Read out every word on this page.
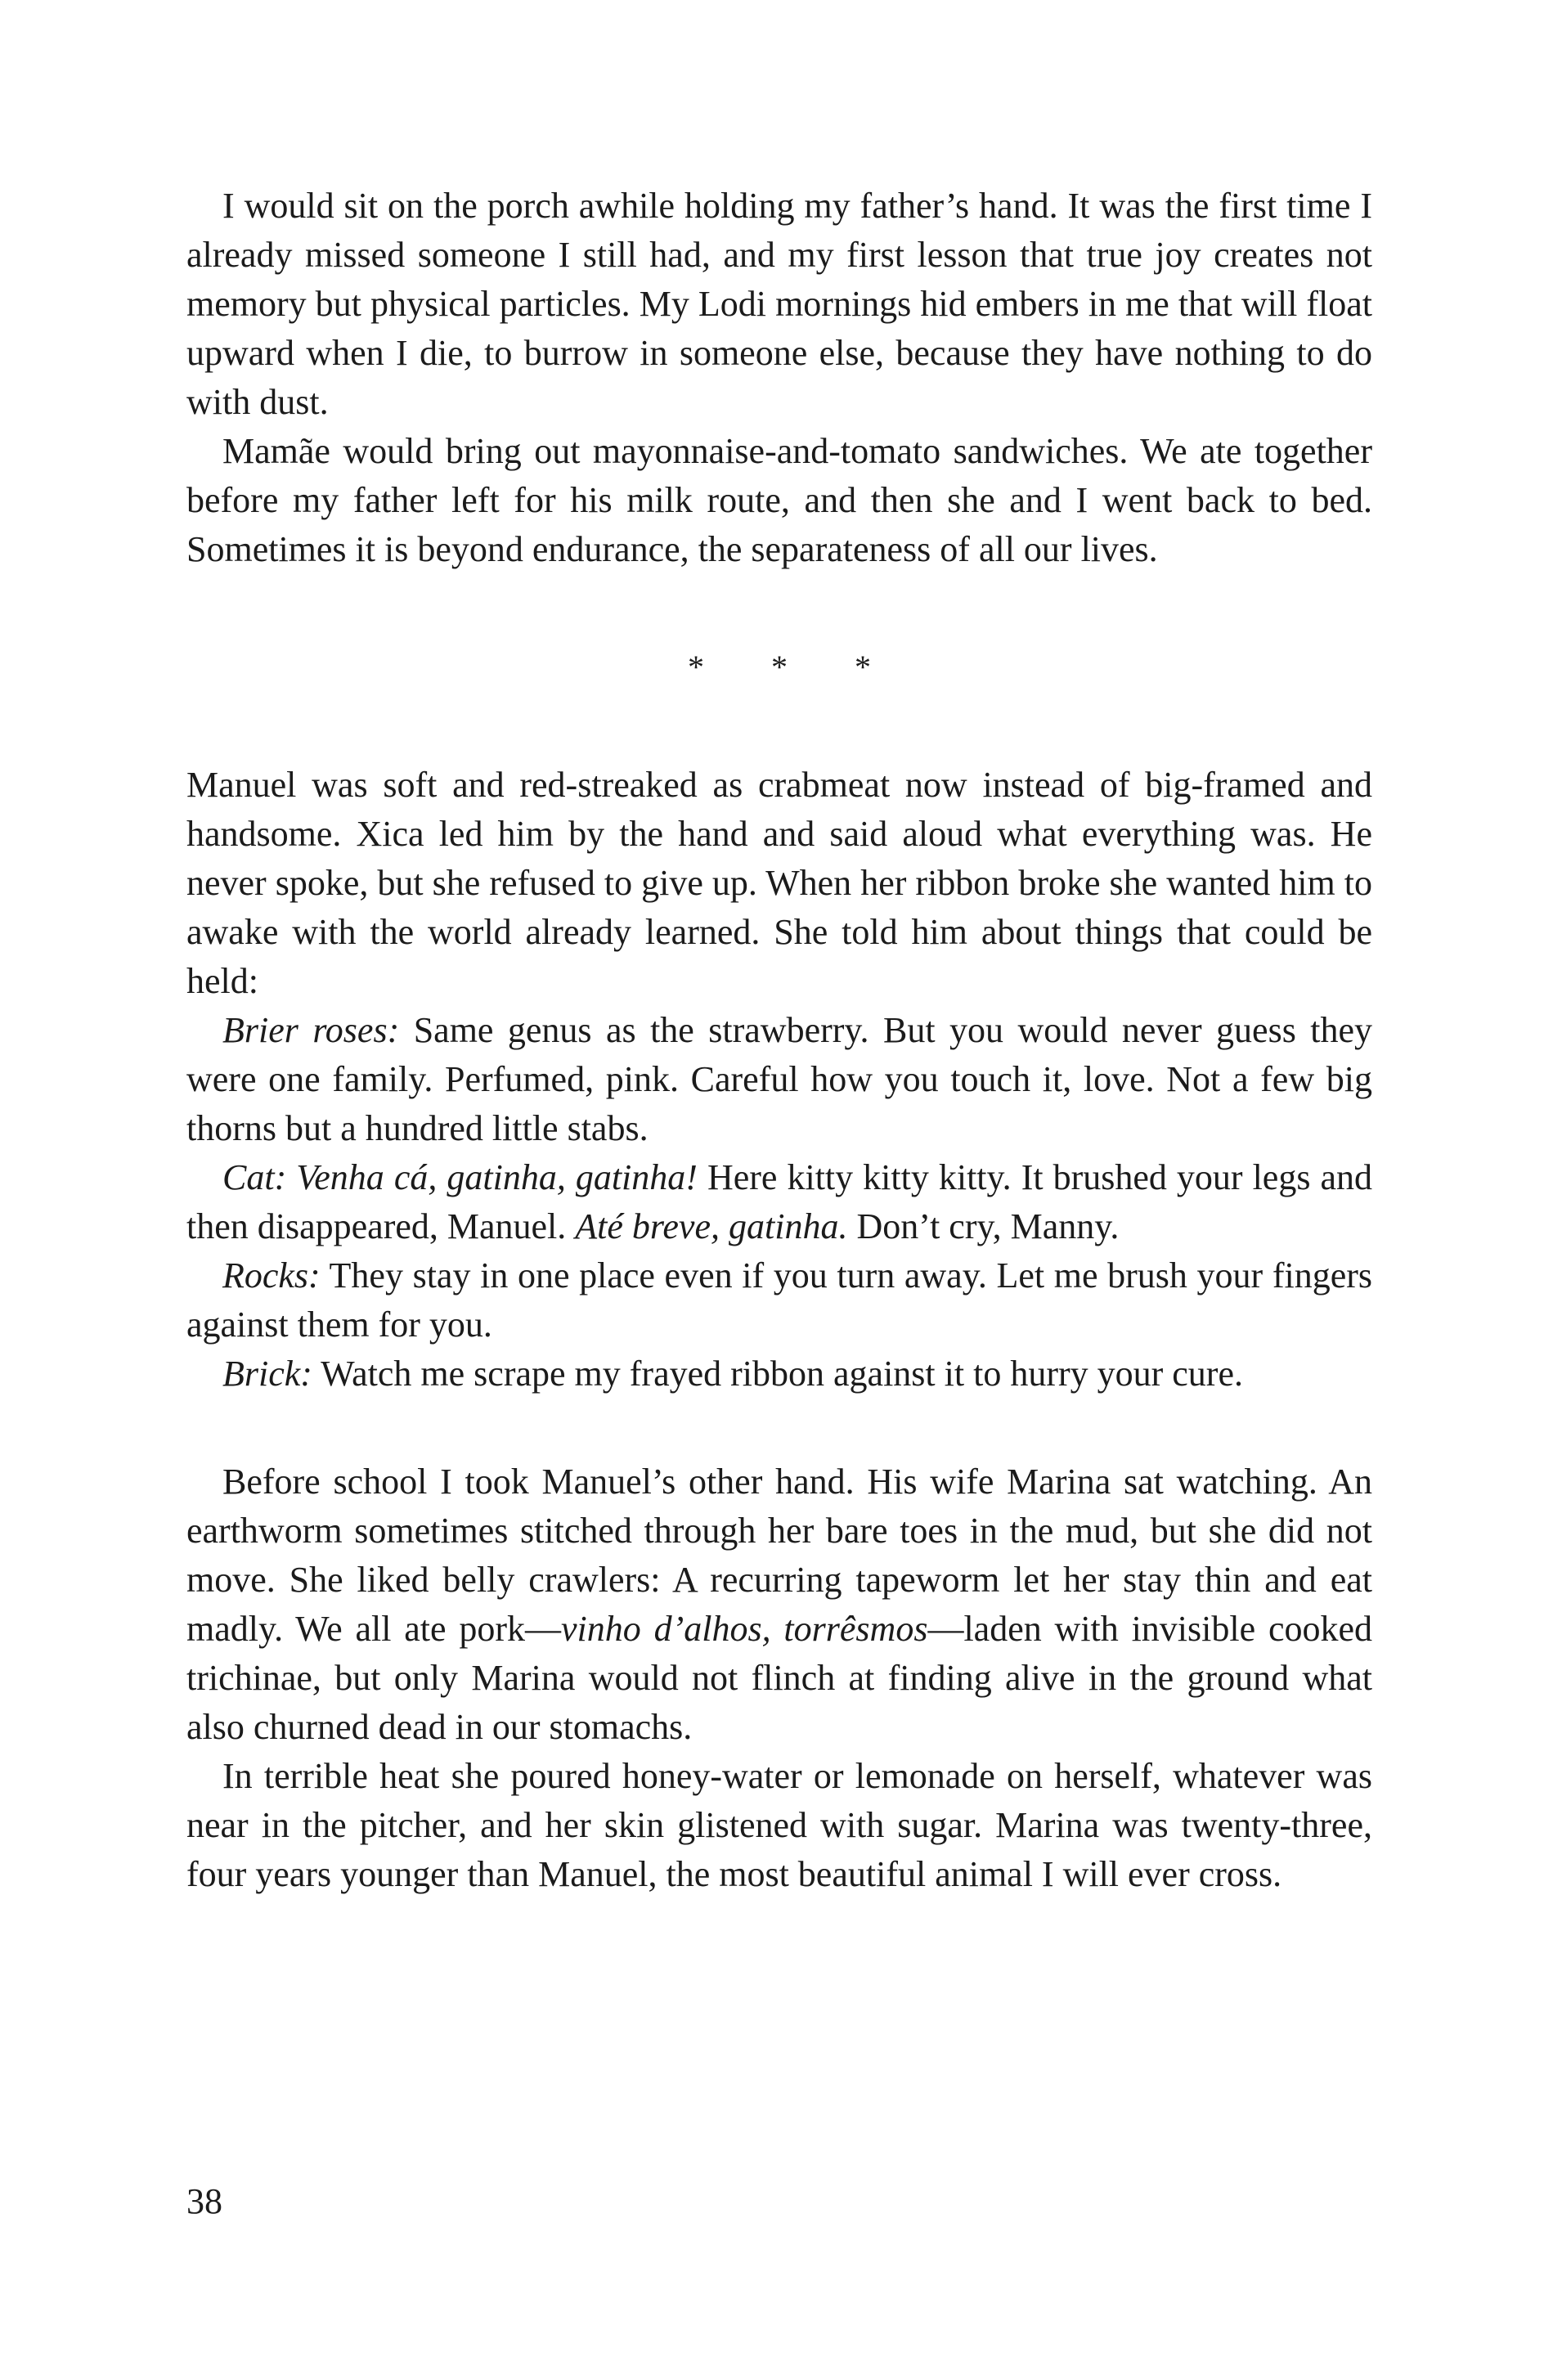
I would sit on the porch awhile holding my father’s hand. It was the first time I already missed someone I still had, and my first lesson that true joy creates not memory but physical particles. My Lodi mornings hid embers in me that will float upward when I die, to burrow in someone else, because they have nothing to do with dust.

Mamãe would bring out mayonnaise-and-tomato sandwiches. We ate together before my father left for his milk route, and then she and I went back to bed. Sometimes it is beyond endurance, the separateness of all our lives.

* * *

Manuel was soft and red-streaked as crabmeat now instead of big-framed and handsome. Xica led him by the hand and said aloud what everything was. He never spoke, but she refused to give up. When her ribbon broke she wanted him to awake with the world already learned. She told him about things that could be held:

Brier roses: Same genus as the strawberry. But you would never guess they were one family. Perfumed, pink. Careful how you touch it, love. Not a few big thorns but a hundred little stabs.

Cat: Venha cá, gatinha, gatinha! Here kitty kitty kitty. It brushed your legs and then disappeared, Manuel. Até breve, gatinha. Don’t cry, Manny.

Rocks: They stay in one place even if you turn away. Let me brush your fingers against them for you.

Brick: Watch me scrape my frayed ribbon against it to hurry your cure.

Before school I took Manuel’s other hand. His wife Marina sat watching. An earthworm sometimes stitched through her bare toes in the mud, but she did not move. She liked belly crawlers: A recurring tapeworm let her stay thin and eat madly. We all ate pork—vinho d’alhos, torrêsmos—laden with invisible cooked trichinae, but only Marina would not flinch at finding alive in the ground what also churned dead in our stomachs.

In terrible heat she poured honey-water or lemonade on herself, whatever was near in the pitcher, and her skin glistened with sugar. Marina was twenty-three, four years younger than Manuel, the most beautiful animal I will ever cross.

38
